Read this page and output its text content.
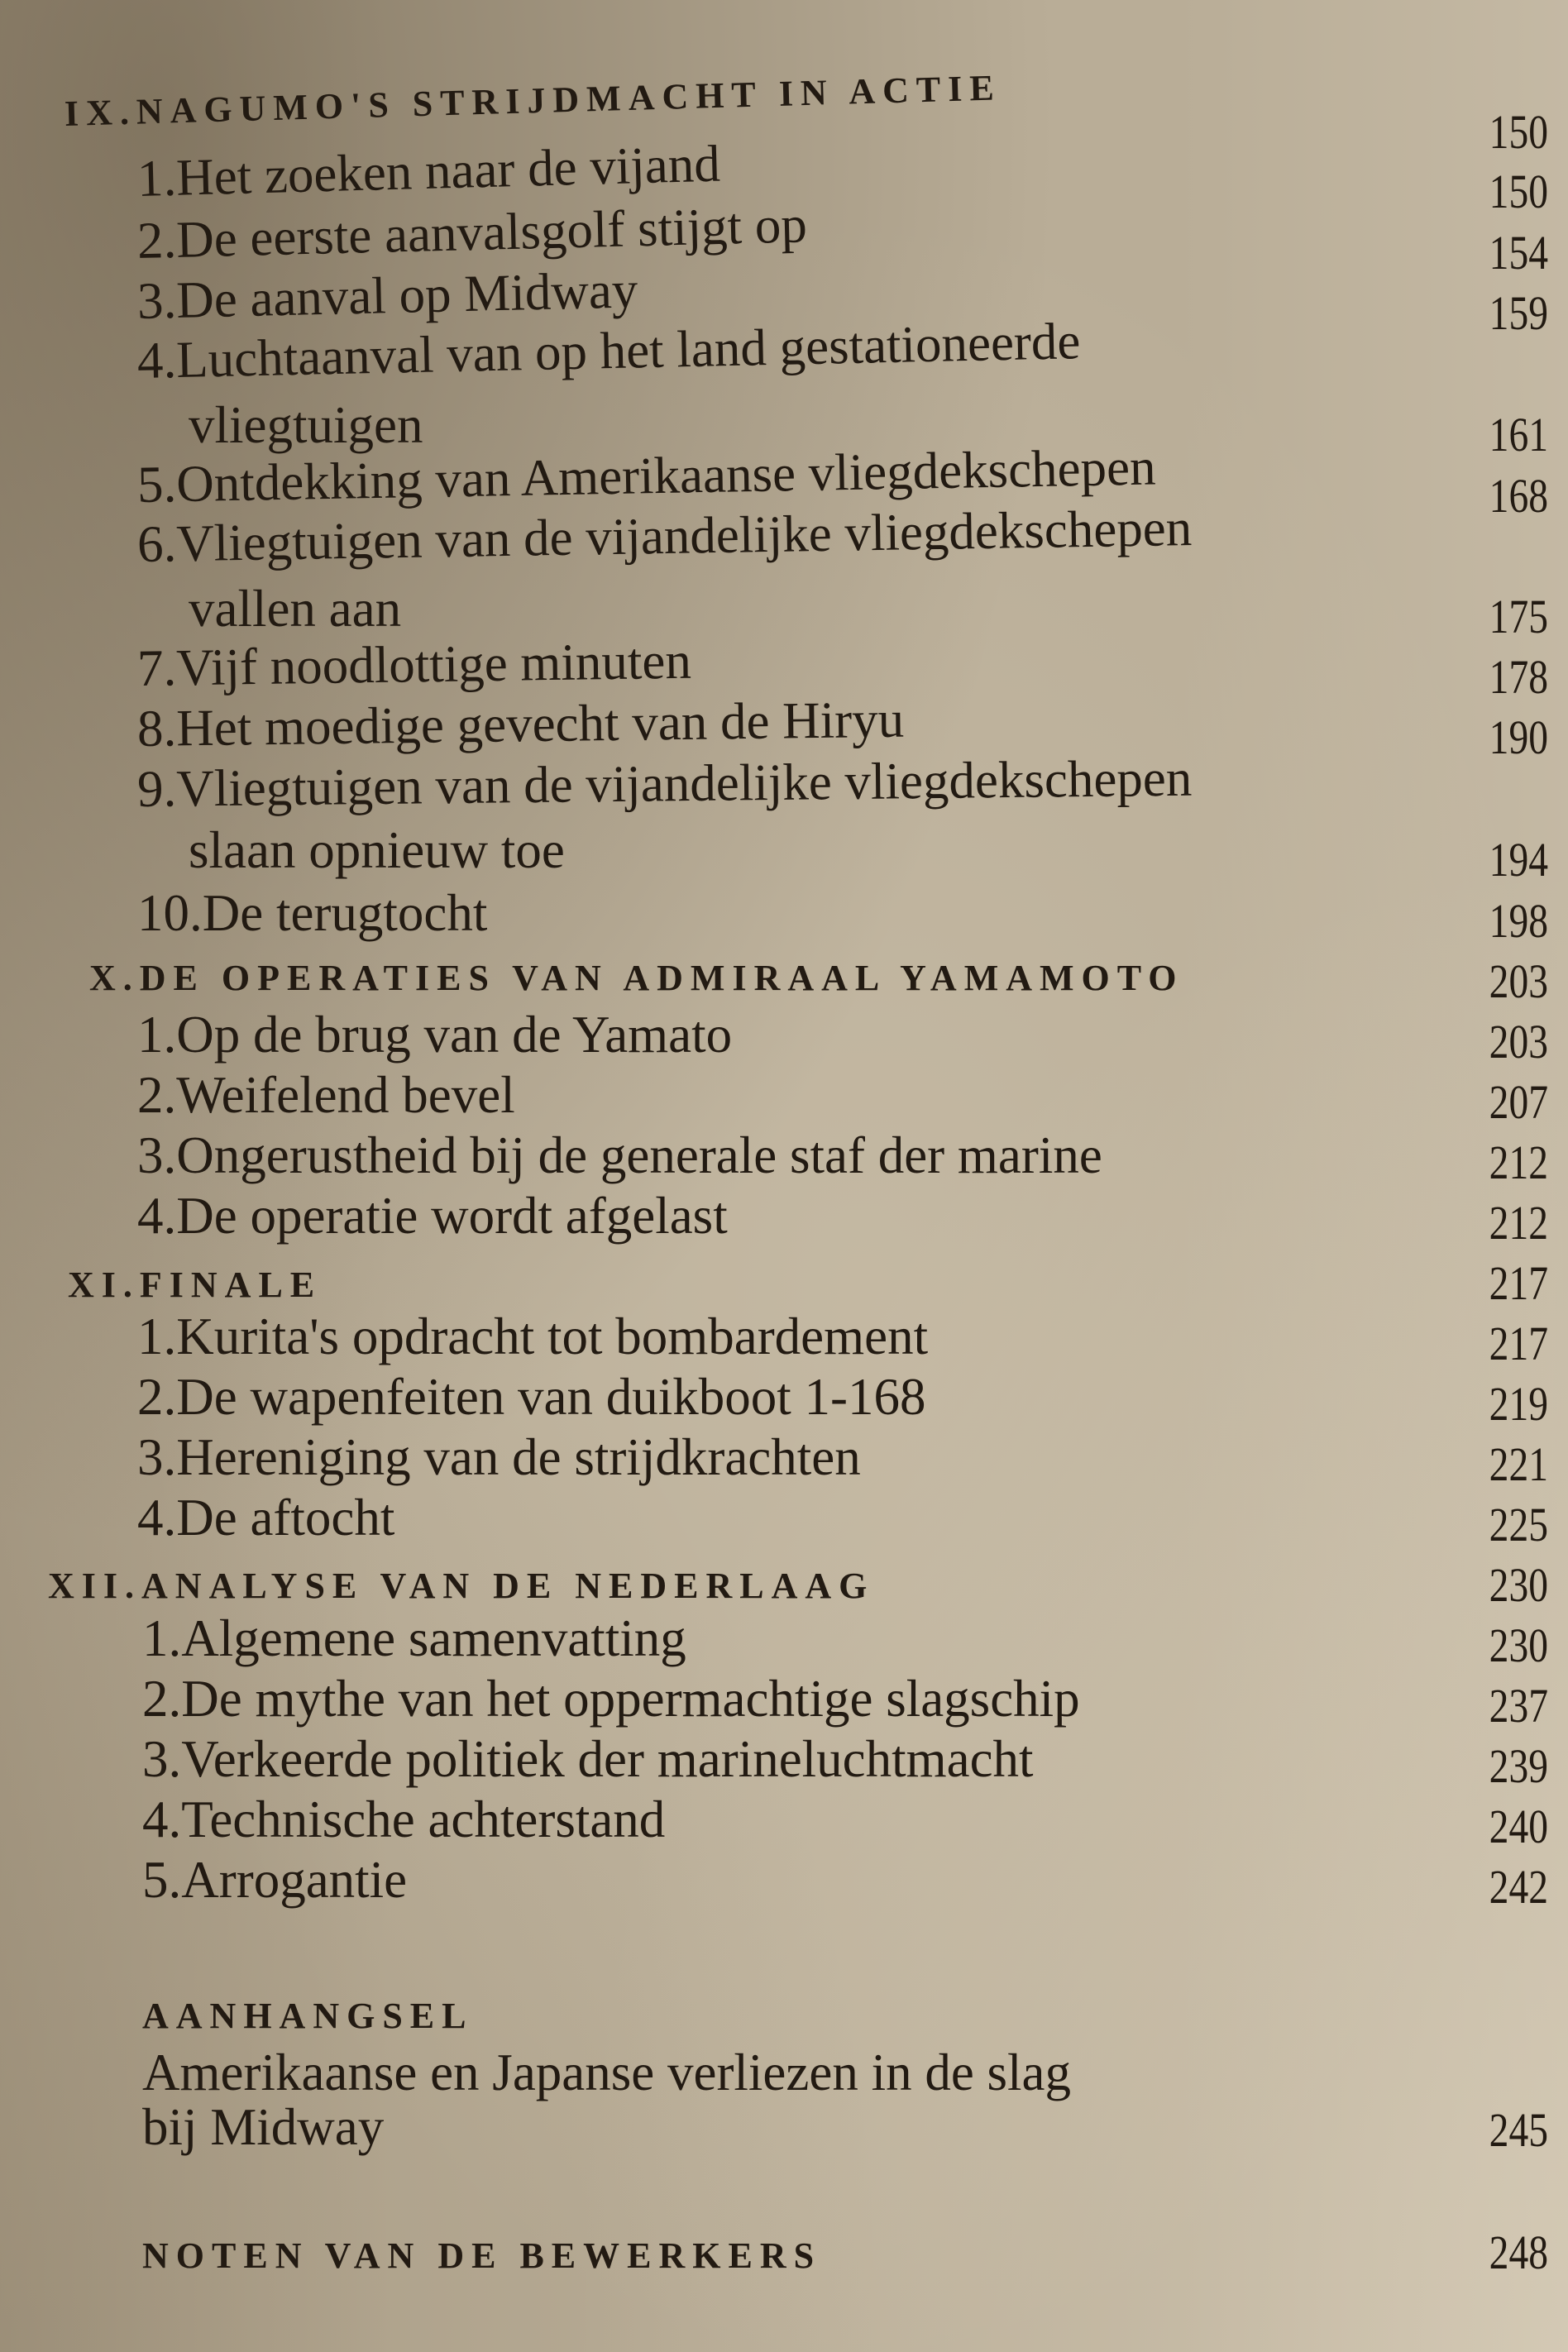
IX.NAGUMO'S STRIJDMACHT IN ACTIE	150
1.Het zoeken naar de vijand	150
2.De eerste aanvalsgolf stijgt op	154
3.De aanval op Midway	159
4.Luchtaanval van op het land gestationeerde
vliegtuigen	161
5.Ontdekking van Amerikaanse vliegdekschepen	168
6.Vliegtuigen van de vijandelijke vliegdekschepen
vallen aan	175
7.Vijf noodlottige minuten	178
8.Het moedige gevecht van de Hiryu	190
9.Vliegtuigen van de vijandelijke vliegdekschepen
slaan opnieuw toe	194
10.De terugtocht	198
X.DE OPERATIES VAN ADMIRAAL YAMAMOTO	203
1.Op de brug van de Yamato	203
2.Weifelend bevel	207
3.Ongerustheid bij de generale staf der marine	212
4.De operatie wordt afgelast	212
XI.FINALE	217
1.Kurita's opdracht tot bombardement	217
2.De wapenfeiten van duikboot 1-168	219
3.Hereniging van de strijdkrachten	221
4.De aftocht	225
XII.ANALYSE VAN DE NEDERLAAG	230
1.Algemene samenvatting	230
2.De mythe van het oppermachtige slagschip	237
3.Verkeerde politiek der marineluchtmacht	239
4.Technische achterstand	240
5.Arrogantie	242
AANHANGSEL
Amerikaanse en Japanse verliezen in de slag
bij Midway	245
NOTEN VAN DE BEWERKERS	248
